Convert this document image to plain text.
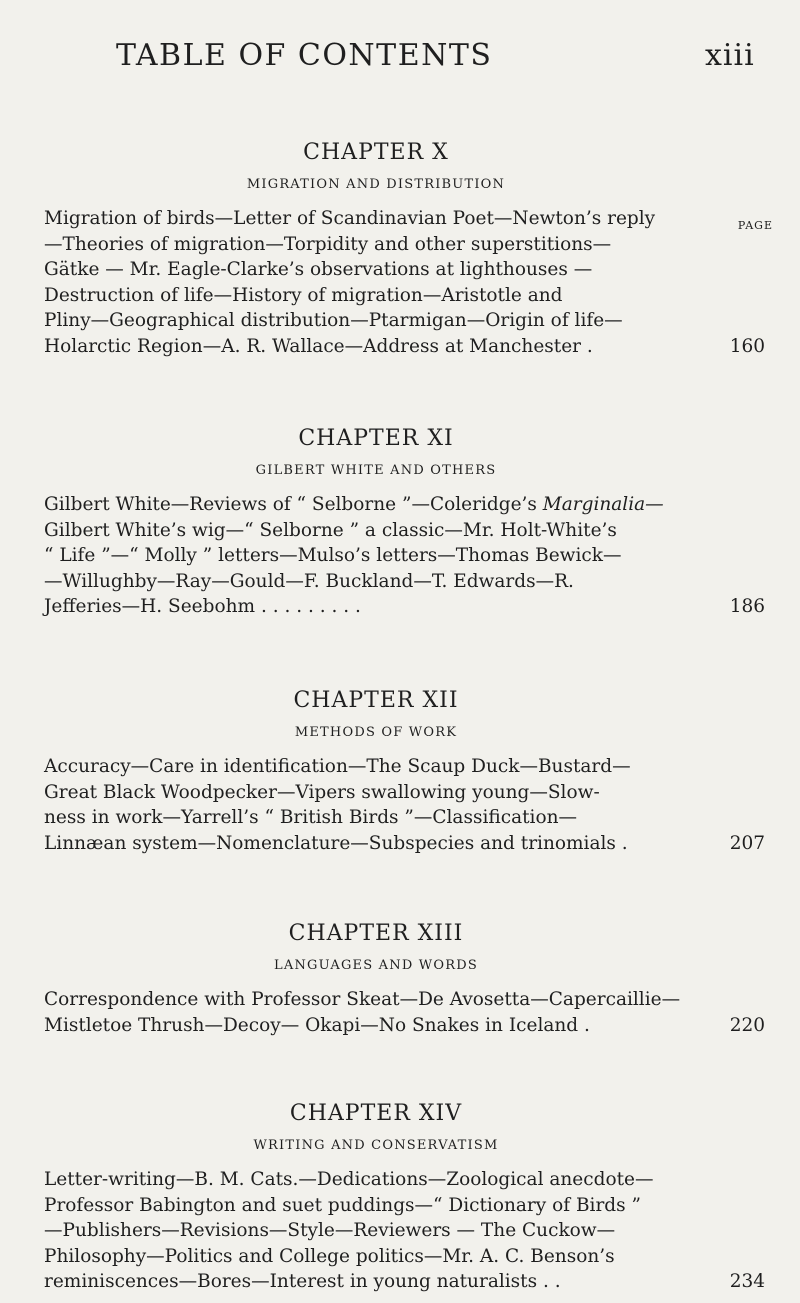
TABLE OF CONTENTS	xiii
CHAPTER X
MIGRATION AND DISTRIBUTION
PAGE
Migration of birds—Letter of Scandinavian Poet—Newton’s reply
—Theories of migration—Torpidity and other superstitions—
Gätke — Mr. Eagle-Clarke’s observations at lighthouses —
Destruction of life—History of migration—Aristotle and
Pliny—Geographical distribution—Ptarmigan—Origin of life—
Holarctic Region—A. R. Wallace—Address at Manchester .	160
CHAPTER XI
GILBERT WHITE AND OTHERS
Gilbert White—Reviews of “ Selborne ”—Coleridge’s Marginalia—
Gilbert White’s wig—“ Selborne ” a classic—Mr. Holt-White’s
“ Life ”—“ Molly ” letters—Mulso’s letters—Thomas Bewick—
—Willughby—Ray—Gould—F. Buckland—T. Edwards—R.
Jefferies—H. Seebohm . . . . . . . . .	186
CHAPTER XII
METHODS OF WORK
Accuracy—Care in identification—The Scaup Duck—Bustard—
Great Black Woodpecker—Vipers swallowing young—Slow-
ness in work—Yarrell’s “ British Birds ”—Classification—
Linnæan system—Nomenclature—Subspecies and trinomials .	207
CHAPTER XIII
LANGUAGES AND WORDS
Correspondence with Professor Skeat—De Avosetta—Capercaillie—
Mistletoe Thrush—Decoy— Okapi—No Snakes in Iceland .	220
CHAPTER XIV
WRITING AND CONSERVATISM
Letter-writing—B. M. Cats.—Dedications—Zoological anecdote—
Professor Babington and suet puddings—“ Dictionary of Birds ”
—Publishers—Revisions—Style—Reviewers — The Cuckow—
Philosophy—Politics and College politics—Mr. A. C. Benson’s
reminiscences—Bores—Interest in young naturalists . .	234
